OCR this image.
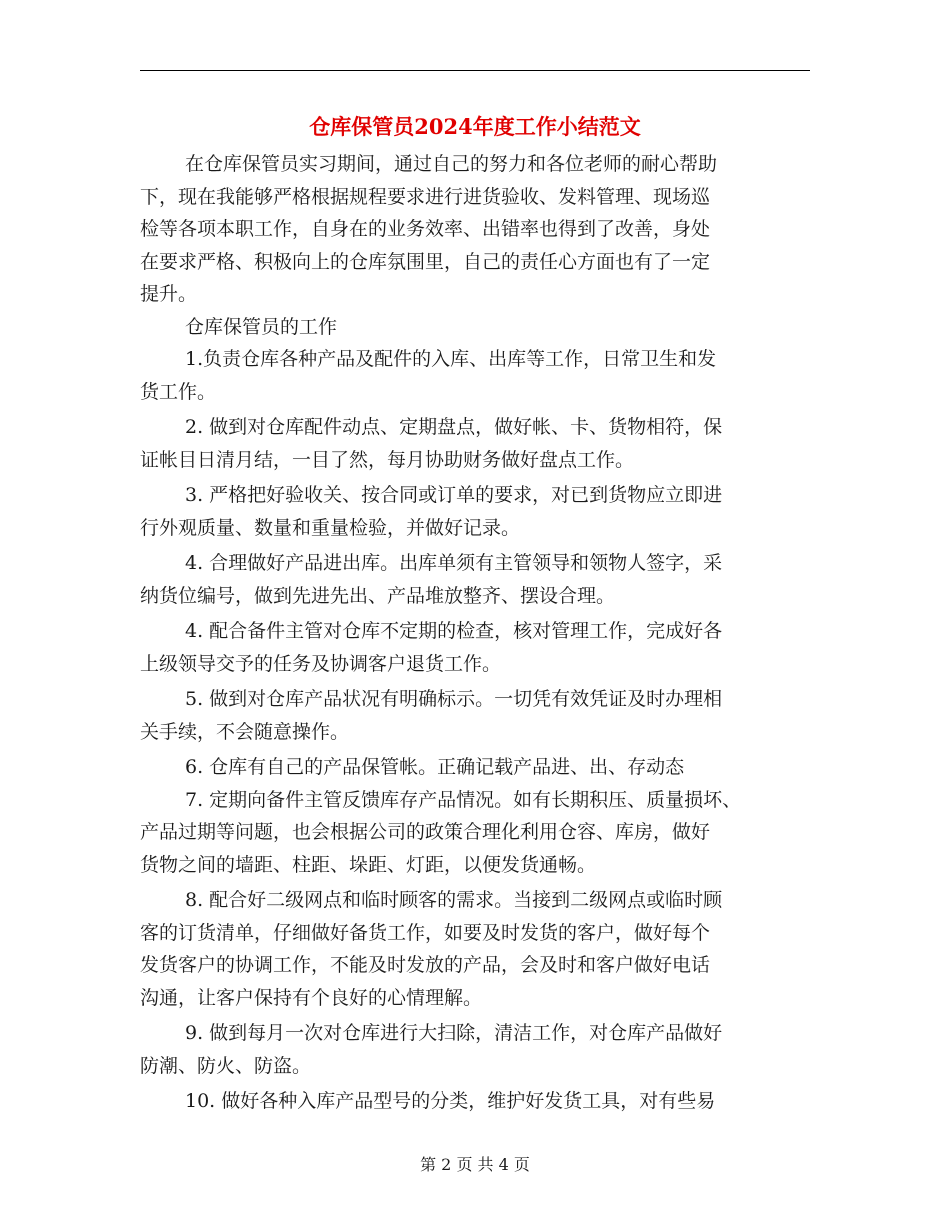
仓库保管员2024年度工作小结范文
在仓库保管员实习期间，通过自己的努力和各位老师的耐心帮助
下，现在我能够严格根据规程要求进行进货验收、发料管理、现场巡
检等各项本职工作，自身在的业务效率、出错率也得到了改善，身处
在要求严格、积极向上的仓库氛围里，自己的责任心方面也有了一定
提升。
仓库保管员的工作
1.负责仓库各种产品及配件的入库、出库等工作，日常卫生和发
货工作。
2. 做到对仓库配件动点、定期盘点，做好帐、卡、货物相符，保
证帐目日清月结，一目了然，每月协助财务做好盘点工作。
3. 严格把好验收关、按合同或订单的要求，对已到货物应立即进
行外观质量、数量和重量检验，并做好记录。
4. 合理做好产品进出库。出库单须有主管领导和领物人签字，采
纳货位编号，做到先进先出、产品堆放整齐、摆设合理。
4. 配合备件主管对仓库不定期的检查，核对管理工作，完成好各
上级领导交予的任务及协调客户退货工作。
5. 做到对仓库产品状况有明确标示。一切凭有效凭证及时办理相
关手续，不会随意操作。
6. 仓库有自己的产品保管帐。正确记载产品进、出、存动态
7. 定期向备件主管反馈库存产品情况。如有长期积压、质量损坏、
产品过期等问题，也会根据公司的政策合理化利用仓容、库房，做好
货物之间的墙距、柱距、垛距、灯距，以便发货通畅。
8. 配合好二级网点和临时顾客的需求。当接到二级网点或临时顾
客的订货清单，仔细做好备货工作，如要及时发货的客户，做好每个
发货客户的协调工作，不能及时发放的产品，会及时和客户做好电话
沟通，让客户保持有个良好的心情理解。
9. 做到每月一次对仓库进行大扫除，清洁工作，对仓库产品做好
防潮、防火、防盗。
10. 做好各种入库产品型号的分类，维护好发货工具，对有些易
第 2 页 共 4 页
